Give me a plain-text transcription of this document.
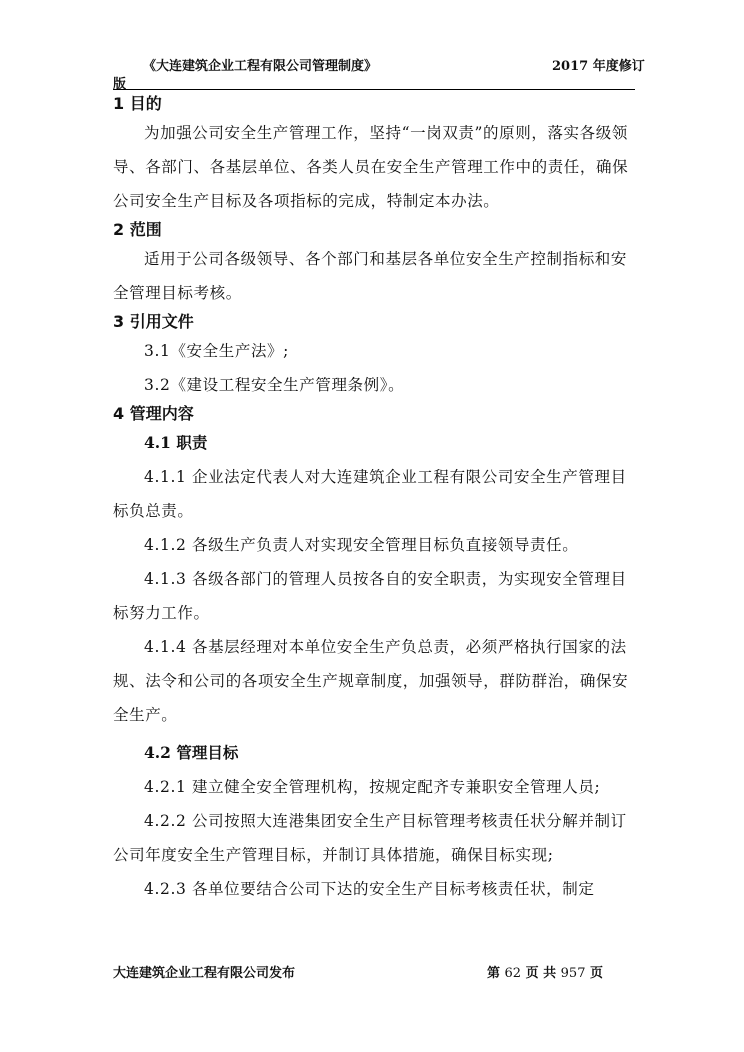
《大连建筑企业工程有限公司管理制度》	2017 年度修订
版
1 目的

为加强公司安全生产管理工作，坚持“一岗双责”的原则，落实各级领导、各部门、各基层单位、各类人员在安全生产管理工作中的责任，确保公司安全生产目标及各项指标的完成，特制定本办法。

2 范围

适用于公司各级领导、各个部门和基层各单位安全生产控制指标和安全管理目标考核。

3 引用文件

3.1《安全生产法》;

3.2《建设工程安全生产管理条例》。

4 管理内容

4.1 职责

4.1.1 企业法定代表人对大连建筑企业工程有限公司安全生产管理目标负总责。

4.1.2 各级生产负责人对实现安全管理目标负直接领导责任。

4.1.3 各级各部门的管理人员按各自的安全职责，为实现安全管理目标努力工作。

4.1.4 各基层经理对本单位安全生产负总责，必须严格执行国家的法规、法令和公司的各项安全生产规章制度，加强领导，群防群治，确保安全生产。

4.2 管理目标

4.2.1 建立健全安全管理机构，按规定配齐专兼职安全管理人员;

4.2.2 公司按照大连港集团安全生产目标管理考核责任状分解并制订公司年度安全生产管理目标，并制订具体措施，确保目标实现;

4.2.3 各单位要结合公司下达的安全生产目标考核责任状，制定

大连建筑企业工程有限公司发布	第 62 页 共 957 页
